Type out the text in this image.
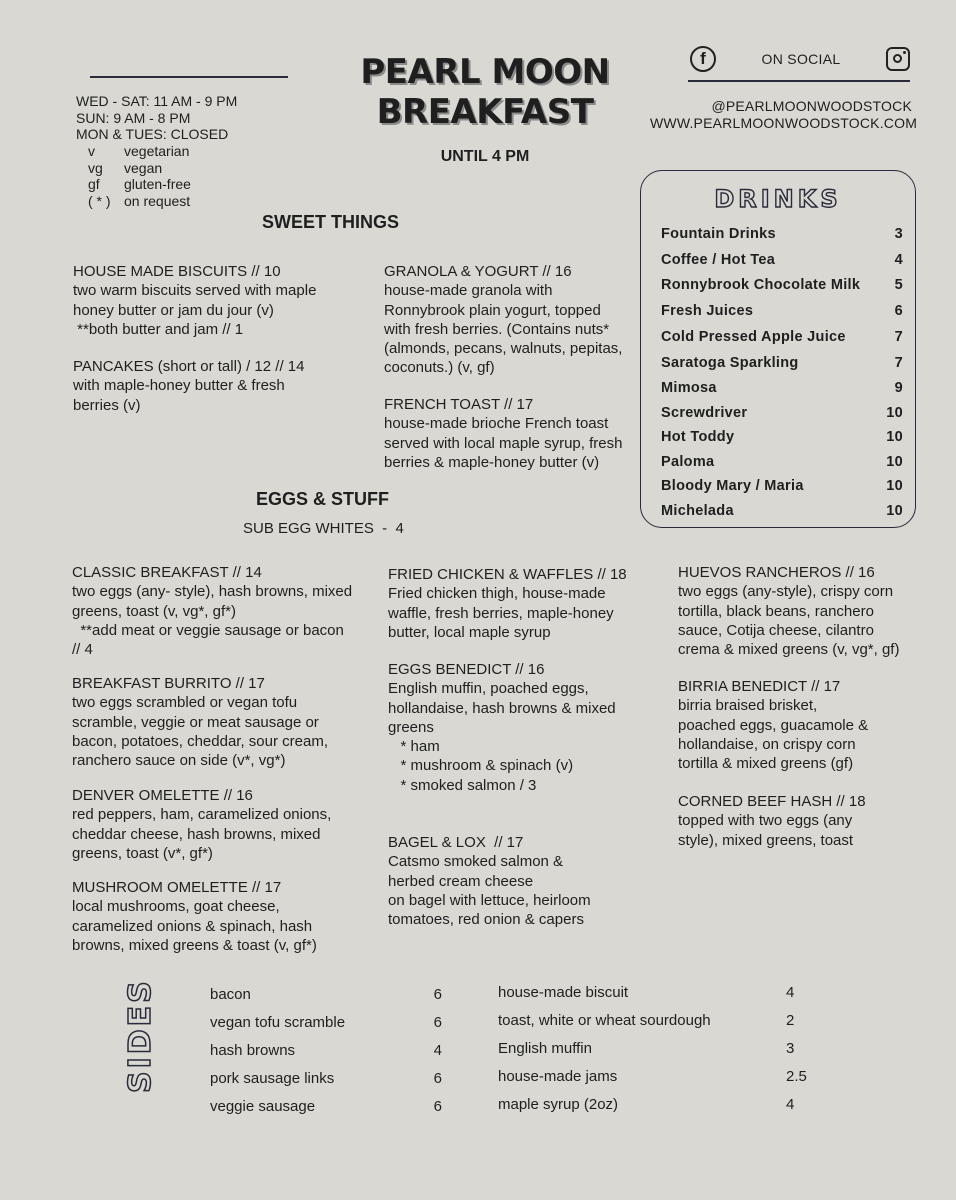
WED - SAT: 11 AM - 9 PM
SUN: 9 AM - 8 PM
MON & TUES: CLOSED
v	vegetarian
vg	vegan
gf	gluten-free
( * ) on request
PEARL MOON
BREAKFAST
UNTIL 4 PM
f	ON SOCIAL
@PEARLMOONWOODSTOCK
WWW.PEARLMOONWOODSTOCK.COM
SWEET THINGS
HOUSE MADE BISCUITS // 10
two warm biscuits served with maple
honey butter or jam du jour (v)
**both butter and jam // 1
PANCAKES (short or tall) / 12 // 14
with maple-honey butter & fresh
berries (v)
GRANOLA & YOGURT // 16
house-made granola with
Ronnybrook plain yogurt, topped
with fresh berries. (Contains nuts*
(almonds, pecans, walnuts, pepitas,
coconuts.) (v, gf)
FRENCH TOAST // 17
house-made brioche French toast
served with local maple syrup, fresh
berries & maple-honey butter (v)
EGGS & STUFF
SUB EGG WHITES  -  4
CLASSIC BREAKFAST // 14
two eggs (any- style), hash browns, mixed
greens, toast (v, vg*, gf*)
**add meat or veggie sausage or bacon
// 4
BREAKFAST BURRITO // 17
two eggs scrambled or vegan tofu
scramble, veggie or meat sausage or
bacon, potatoes, cheddar, sour cream,
ranchero sauce on side (v*, vg*)
DENVER OMELETTE // 16
red peppers, ham, caramelized onions,
cheddar cheese, hash browns, mixed
greens, toast (v*, gf*)
MUSHROOM OMELETTE // 17
local mushrooms, goat cheese,
caramelized onions & spinach, hash
browns, mixed greens & toast (v, gf*)
FRIED CHICKEN & WAFFLES // 18
Fried chicken thigh, house-made
waffle, fresh berries, maple-honey
butter, local maple syrup
EGGS BENEDICT // 16
English muffin, poached eggs,
hollandaise, hash browns & mixed
greens
* ham
* mushroom & spinach (v)
* smoked salmon / 3
BAGEL & LOX  // 17
Catsmo smoked salmon &
herbed cream cheese
on bagel with lettuce, heirloom
tomatoes, red onion & capers
HUEVOS RANCHEROS // 16
two eggs (any-style), crispy corn
tortilla, black beans, ranchero
sauce, Cotija cheese, cilantro
crema & mixed greens (v, vg*, gf)
BIRRIA BENEDICT // 17
birria braised brisket,
poached eggs, guacamole &
hollandaise, on crispy corn
tortilla & mixed greens (gf)
CORNED BEEF HASH // 18
topped with two eggs (any
style), mixed greens, toast
DRINKS
Fountain Drinks	3
Coffee / Hot Tea	4
Ronnybrook Chocolate Milk 5
Fresh Juices	6
Cold Pressed Apple Juice	7
Saratoga Sparkling	7
Mimosa	9
Screwdriver	10
Hot Toddy	10
Paloma	10
Bloody Mary / Maria	10
Michelada	10
SIDES	bacon	6
vegan tofu scramble	6
hash browns	4
pork sausage links	6
veggie sausage	6
house-made biscuit	4
toast, white or wheat sourdough	2
English muffin	3
house-made jams	2.5
maple syrup (2oz)	4
